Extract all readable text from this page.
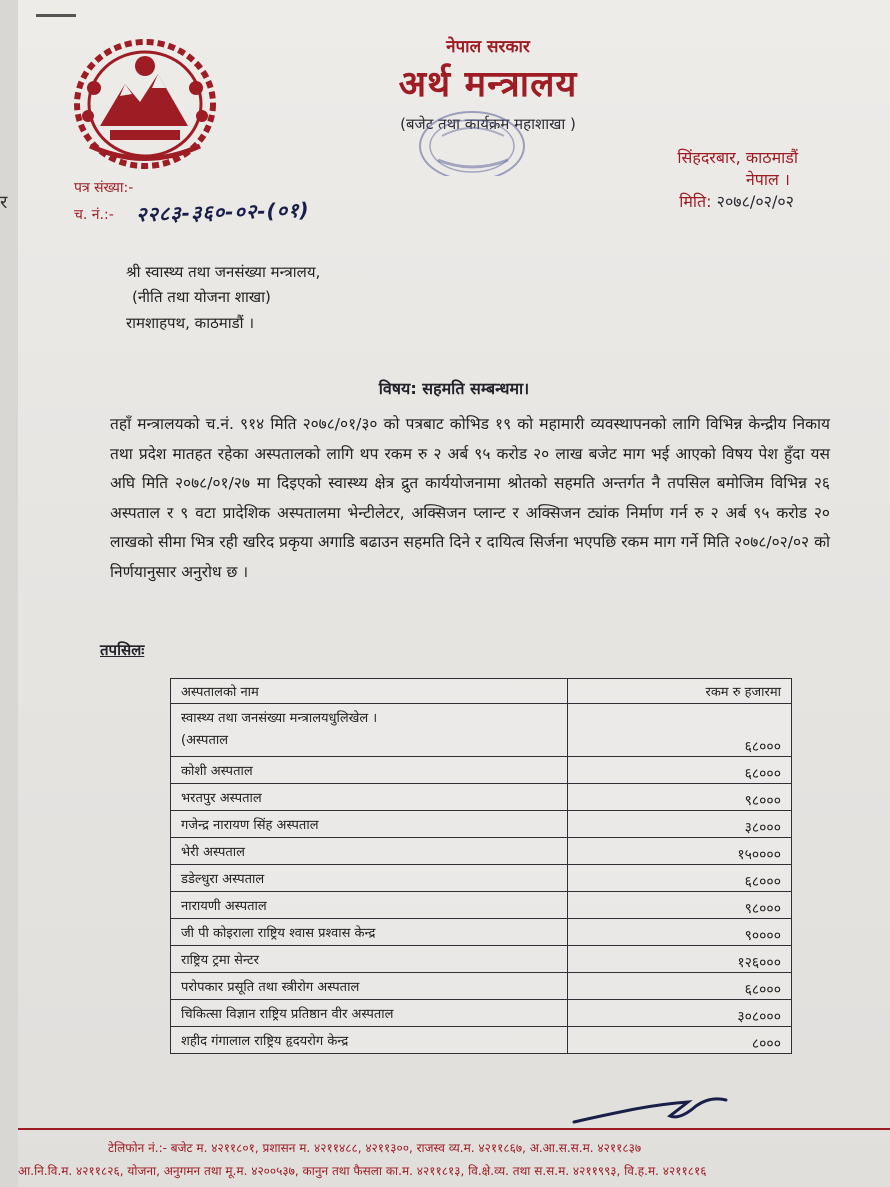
र
नेपाल सरकार
अर्थ मन्त्रालय
(बजेट तथा कार्यक्रम महाशाखा )
सिंहदरबार, काठमाडौं
नेपाल ।
पत्र संख्या:-
च. नं.:- २२८३-३६०-०२-(०१)	मिति: २०७८/०२/०२
श्री स्वास्थ्य तथा जनसंख्या मन्त्रालय,
(नीति तथा योजना शाखा)
रामशाहपथ, काठमाडौं ।
विषय: सहमति सम्बन्धमा।
तहाँ मन्त्रालयको च.नं. ९१४ मिति २०७८/०१/३० को पत्रबाट कोभिड १९ को महामारी व्यवस्थापनको लागि विभिन्न केन्द्रीय निकाय तथा प्रदेश मातहत रहेका अस्पतालको लागि थप रकम रु २ अर्ब ९५ करोड २० लाख बजेट माग भई आएको विषय पेश हुँदा यस अघि मिति २०७८/०१/२७ मा दिइएको स्वास्थ्य क्षेत्र द्रुत कार्ययोजनामा श्रोतको सहमति अन्तर्गत नै तपसिल बमोजिम विभिन्न २६ अस्पताल र ९ वटा प्रादेशिक अस्पतालमा भेन्टीलेटर, अक्सिजन प्लान्ट र अक्सिजन ट्यांक निर्माण गर्न रु २ अर्ब ९५ करोड २० लाखको सीमा भित्र रही खरिद प्रकृया अगाडि बढाउन सहमति दिने र दायित्व सिर्जना भएपछि रकम माग गर्ने मिति २०७८/०२/०२ को निर्णयानुसार अनुरोध छ ।
तपसिलः
अस्पतालको नाम	रकम रु हजारमा

स्वास्थ्य तथा जनसंख्या मन्त्रालयधुलिखेल ।
(अस्पताल	६८०००
कोशी अस्पताल	६८०००
भरतपुर अस्पताल	९८०००
गजेन्द्र नारायण सिंह अस्पताल	३८०००
भेरी अस्पताल	१५००००
डडेल्धुरा अस्पताल	६८०००
नारायणी अस्पताल	९८०००
जी पी कोइराला राष्ट्रिय श्वास प्रश्वास केन्द्र	९००००
राष्ट्रिय ट्रमा सेन्टर	१२६०००
परोपकार प्रसूति तथा स्त्रीरोग अस्पताल	६८०००
चिकित्सा विज्ञान राष्ट्रिय प्रतिष्ठान वीर अस्पताल	३०८०००
शहीद गंगालाल राष्ट्रिय हृदयरोग केन्द्र	८०००
टेलिफोन नं.:- बजेट म. ४२११८०१, प्रशासन म. ४२११४८८, ४२११३००, राजस्व व्य.म. ४२११८६७, अ.आ.स.स.म. ४२११८३७
आ.नि.वि.म. ४२११८२६, योजना, अनुगमन तथा मू.म. ४२००५३७, कानुन तथा फैसला का.म. ४२११८१३, वि.क्षे.व्य. तथा स.स.म. ४२११९९३, वि.ह.म. ४२११८१६
